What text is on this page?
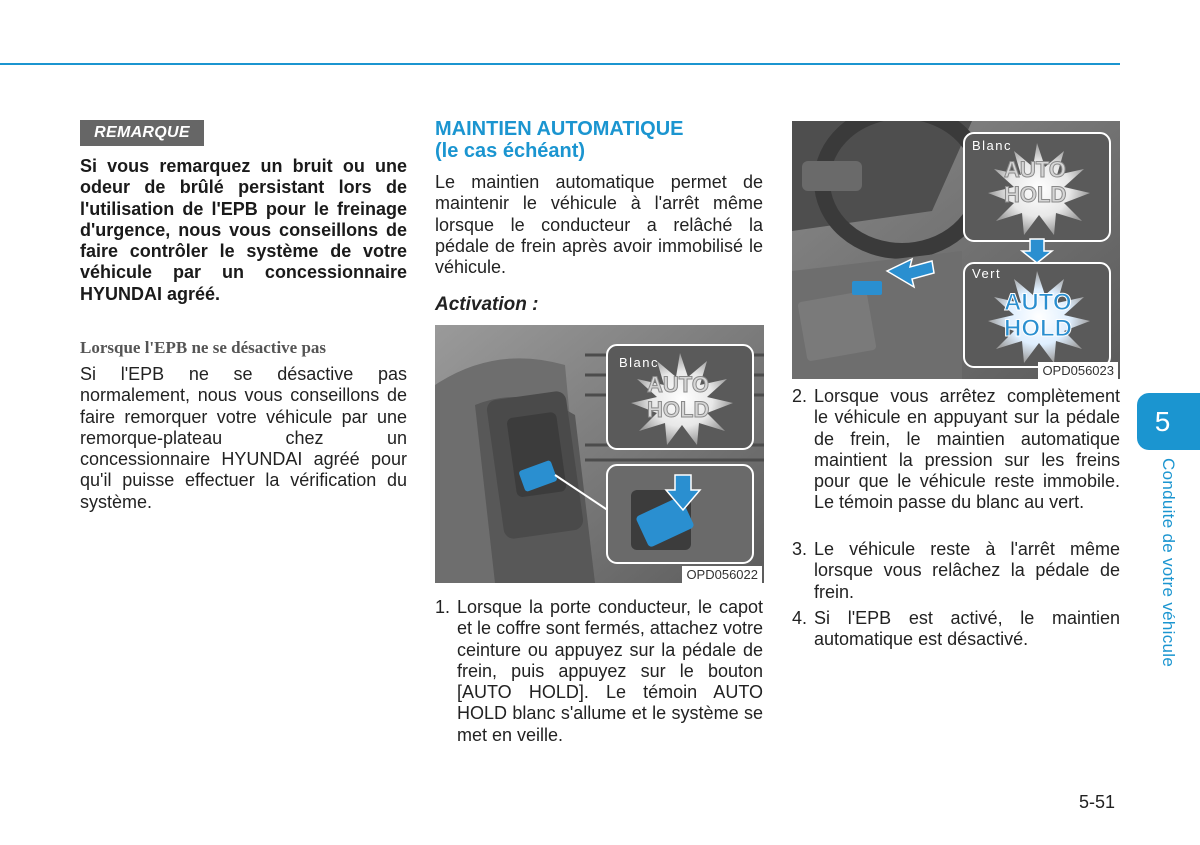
REMARQUE
Si vous remarquez un bruit ou une odeur de brûlé persistant lors de l'utilisation de l'EPB pour le freinage d'urgence, nous vous conseillons de faire contrôler le système de votre véhicule par un concessionnaire HYUNDAI agréé.
Lorsque l'EPB ne se désactive pas
Si l'EPB ne se désactive pas normalement, nous vous conseillons de faire remorquer votre véhicule par une remorque-plateau chez un concessionnaire HYUNDAI agréé pour qu'il puisse effectuer la vérification du système.
MAINTIEN AUTOMATIQUE
(le cas échéant)
Le maintien automatique permet de maintenir le véhicule à l'arrêt même lorsque le conducteur a relâché la pédale de frein après avoir immobilisé le véhicule.
Activation :
Blanc
AUTO
HOLD
OPD056022
1. Lorsque la porte conducteur, le capot et le coffre sont fermés, attachez votre ceinture ou appuyez sur la pédale de frein, puis appuyez sur le bouton [AUTO HOLD]. Le témoin AUTO HOLD blanc s'allume et le système se met en veille.
Blanc
AUTO
HOLD
Vert
AUTO
HOLD
OPD056023
2. Lorsque vous arrêtez complètement le véhicule en appuyant sur la pédale de frein, le maintien automatique maintient la pression sur les freins pour que le véhicule reste immobile. Le témoin passe du blanc au vert.
3. Le véhicule reste à l'arrêt même lorsque vous relâchez la pédale de frein.
4. Si l'EPB est activé, le maintien automatique est désactivé.
5
Conduite de votre véhicule
5-51
